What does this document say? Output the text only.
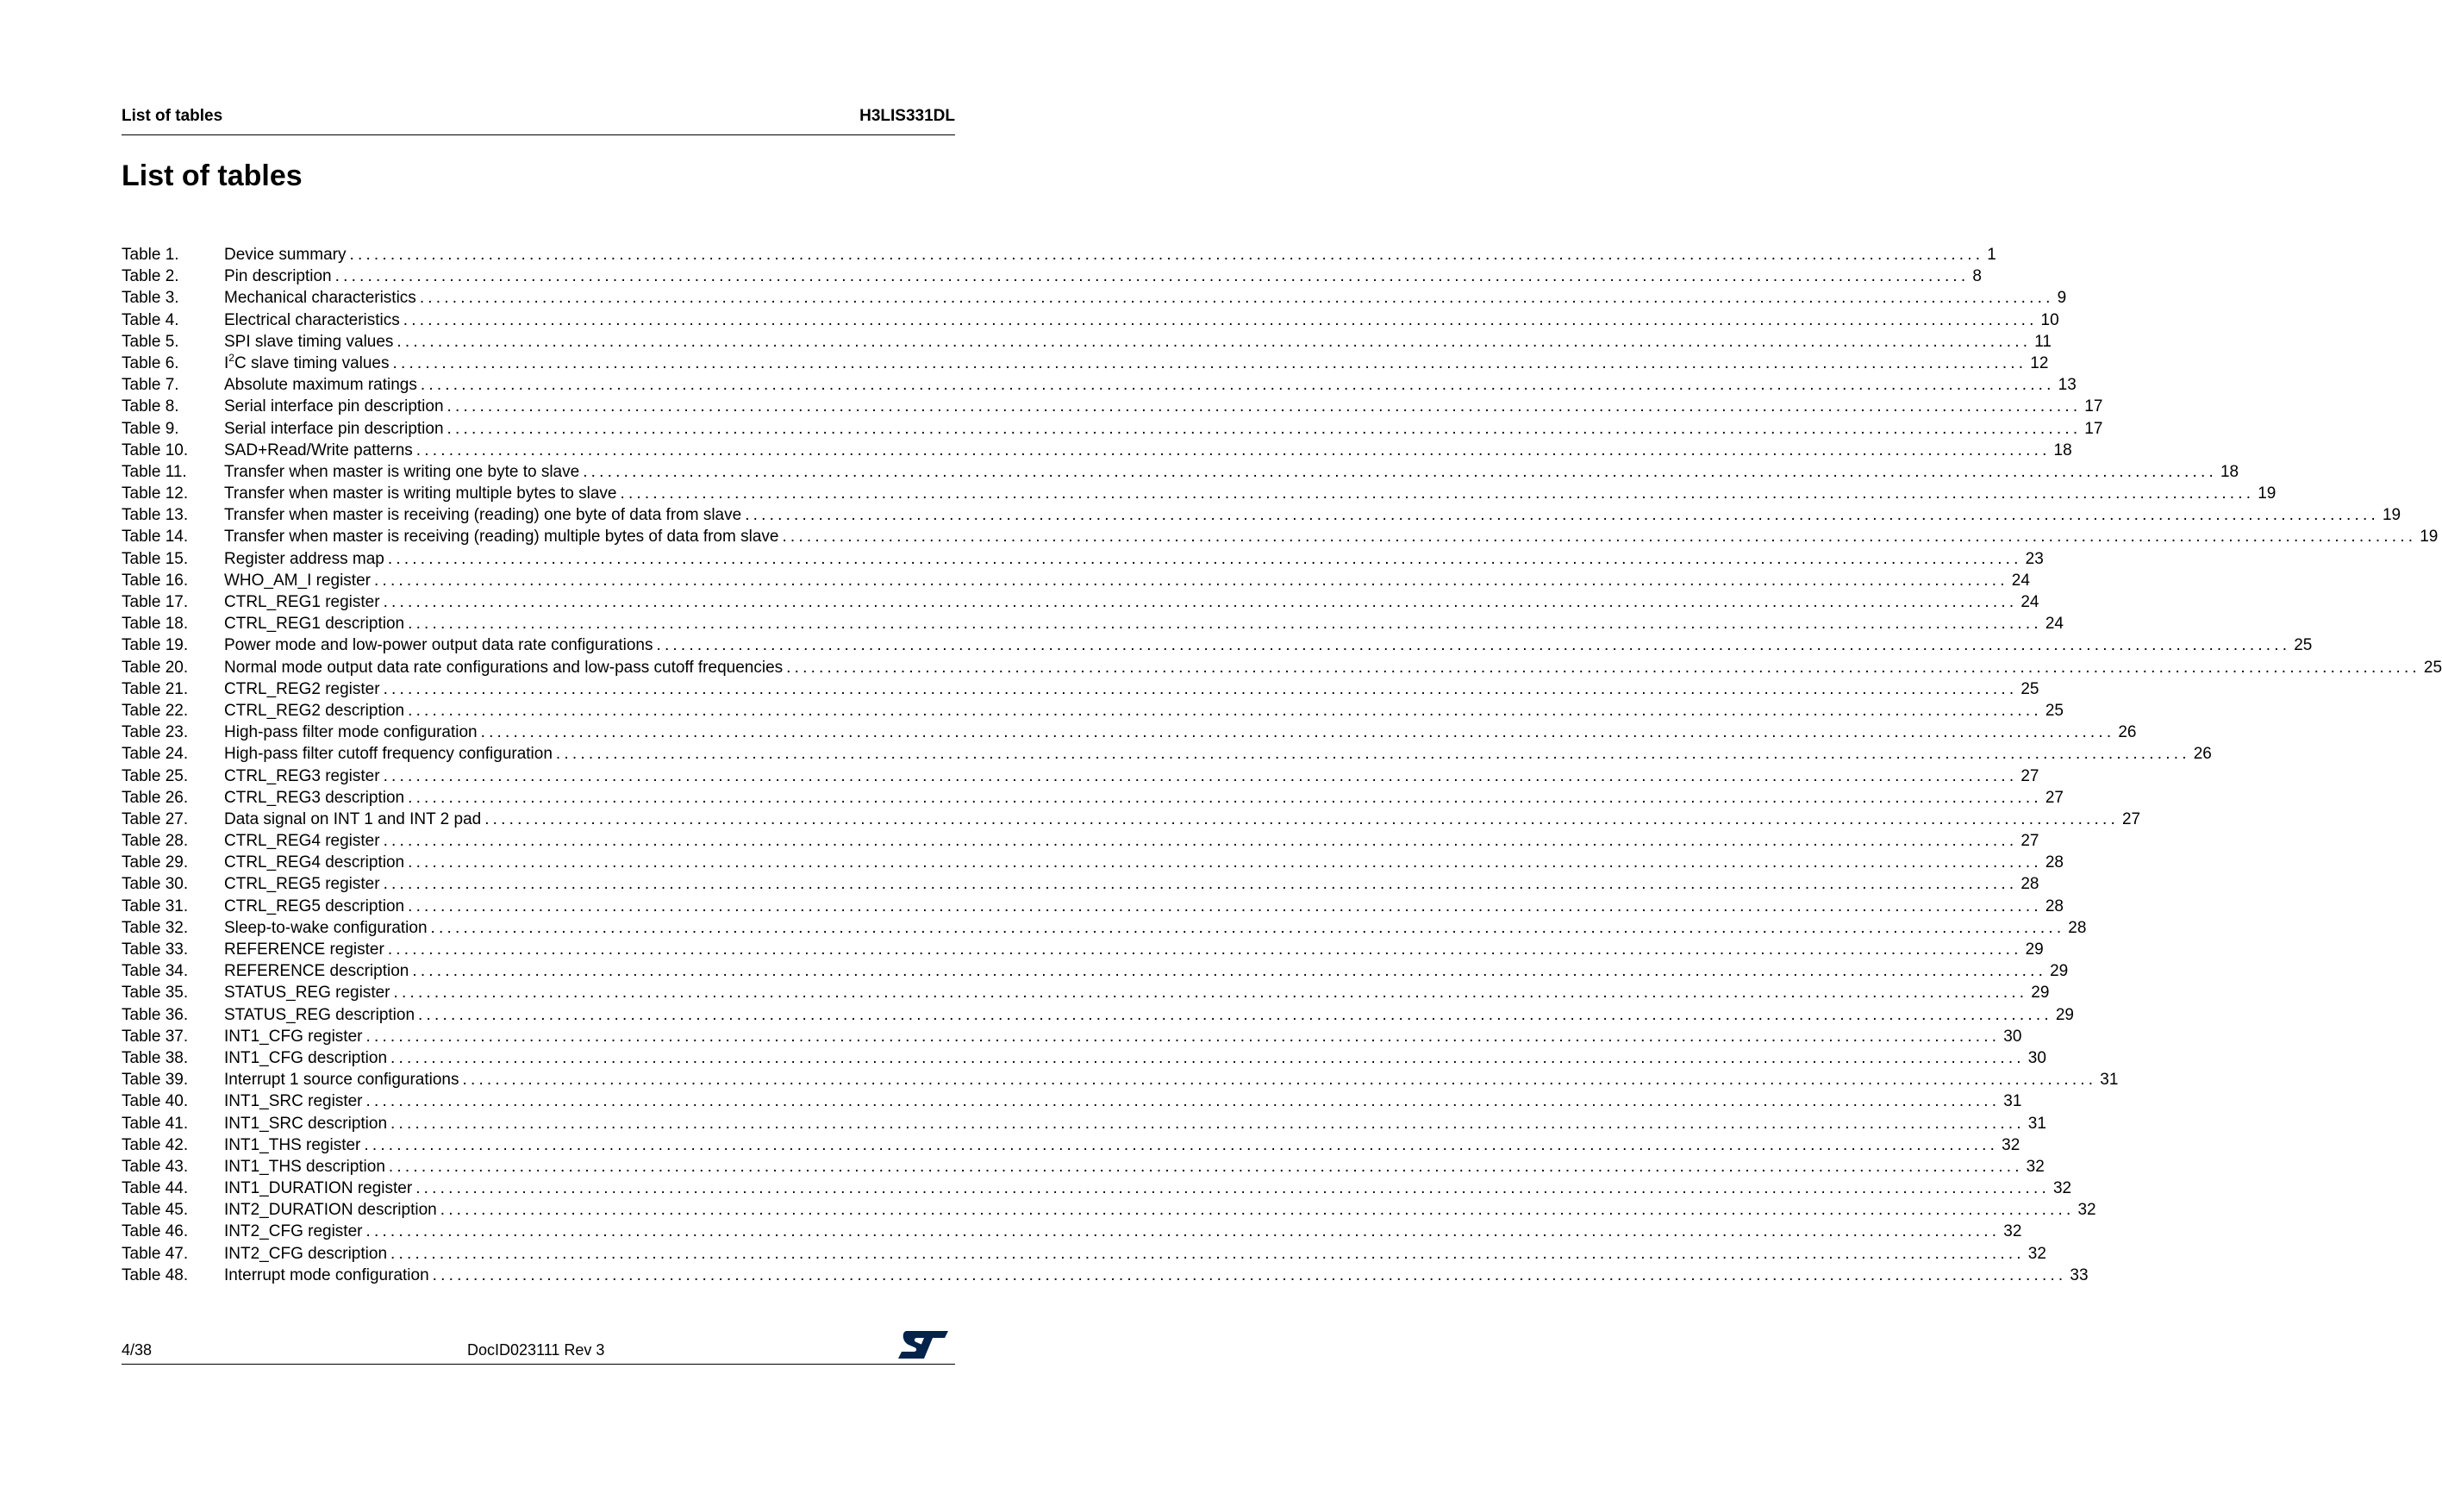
List of tables	H3LIS331DL
List of tables
Table 1.	Device summary ........................................................................................................................................................................................................ 1
Table 2.	Pin description ........................................................................................................................................................................................................ 8
Table 3.	Mechanical characteristics ........................................................................................................................................................................................................ 9
Table 4.	Electrical characteristics ........................................................................................................................................................................................................ 10
Table 5.	SPI slave timing values ........................................................................................................................................................................................................ 11
Table 6.	$I^2C$ slave timing values ........................................................................................................................................................................................................ 12
Table 7.	Absolute maximum ratings ........................................................................................................................................................................................................ 13
Table 8.	Serial interface pin description ........................................................................................................................................................................................................ 17
Table 9.	Serial interface pin description ........................................................................................................................................................................................................ 17
Table 10. SAD+Read/Write patterns ........................................................................................................................................................................................................ 18
Table 11. Transfer when master is writing one byte to slave ........................................................................................................................................................................................................ 18
Table 12. Transfer when master is writing multiple bytes to slave ........................................................................................................................................................................................................ 19
Table 13. Transfer when master is receiving (reading) one byte of data from slave ........................................................................................................................................................................................................ 19
Table 14. Transfer when master is receiving (reading) multiple bytes of data from slave ........................................................................................................................................................................................................ 19
Table 15. Register address map ........................................................................................................................................................................................................ 23
Table 16. WHO_AM_I register ........................................................................................................................................................................................................ 24
Table 17. CTRL_REG1 register ........................................................................................................................................................................................................ 24
Table 18. CTRL_REG1 description ........................................................................................................................................................................................................ 24
Table 19. Power mode and low-power output data rate configurations ........................................................................................................................................................................................................ 25
Table 20. Normal mode output data rate configurations and low-pass cutoff frequencies ........................................................................................................................................................................................................ 25
Table 21. CTRL_REG2 register ........................................................................................................................................................................................................ 25
Table 22. CTRL_REG2 description ........................................................................................................................................................................................................ 25
Table 23. High-pass filter mode configuration ........................................................................................................................................................................................................ 26
Table 24. High-pass filter cutoff frequency configuration ........................................................................................................................................................................................................ 26
Table 25. CTRL_REG3 register ........................................................................................................................................................................................................ 27
Table 26. CTRL_REG3 description ........................................................................................................................................................................................................ 27
Table 27. Data signal on INT 1 and INT 2 pad ........................................................................................................................................................................................................ 27
Table 28. CTRL_REG4 register ........................................................................................................................................................................................................ 27
Table 29. CTRL_REG4 description ........................................................................................................................................................................................................ 28
Table 30. CTRL_REG5 register ........................................................................................................................................................................................................ 28
Table 31. CTRL_REG5 description ........................................................................................................................................................................................................ 28
Table 32. Sleep-to-wake configuration ........................................................................................................................................................................................................ 28
Table 33. REFERENCE register ........................................................................................................................................................................................................ 29
Table 34. REFERENCE description ........................................................................................................................................................................................................ 29
Table 35. STATUS_REG register ........................................................................................................................................................................................................ 29
Table 36. STATUS_REG description ........................................................................................................................................................................................................ 29
Table 37. INT1_CFG register ........................................................................................................................................................................................................ 30
Table 38. INT1_CFG description ........................................................................................................................................................................................................ 30
Table 39. Interrupt 1 source configurations ........................................................................................................................................................................................................ 31
Table 40. INT1_SRC register ........................................................................................................................................................................................................ 31
Table 41. INT1_SRC description ........................................................................................................................................................................................................ 31
Table 42. INT1_THS register ........................................................................................................................................................................................................ 32
Table 43. INT1_THS description ........................................................................................................................................................................................................ 32
Table 44. INT1_DURATION register ........................................................................................................................................................................................................ 32
Table 45. INT2_DURATION description ........................................................................................................................................................................................................ 32
Table 46. INT2_CFG register ........................................................................................................................................................................................................ 32
Table 47. INT2_CFG description ........................................................................................................................................................................................................ 32
Table 48. Interrupt mode configuration ........................................................................................................................................................................................................ 33
4/38	DocID023111 Rev 3
